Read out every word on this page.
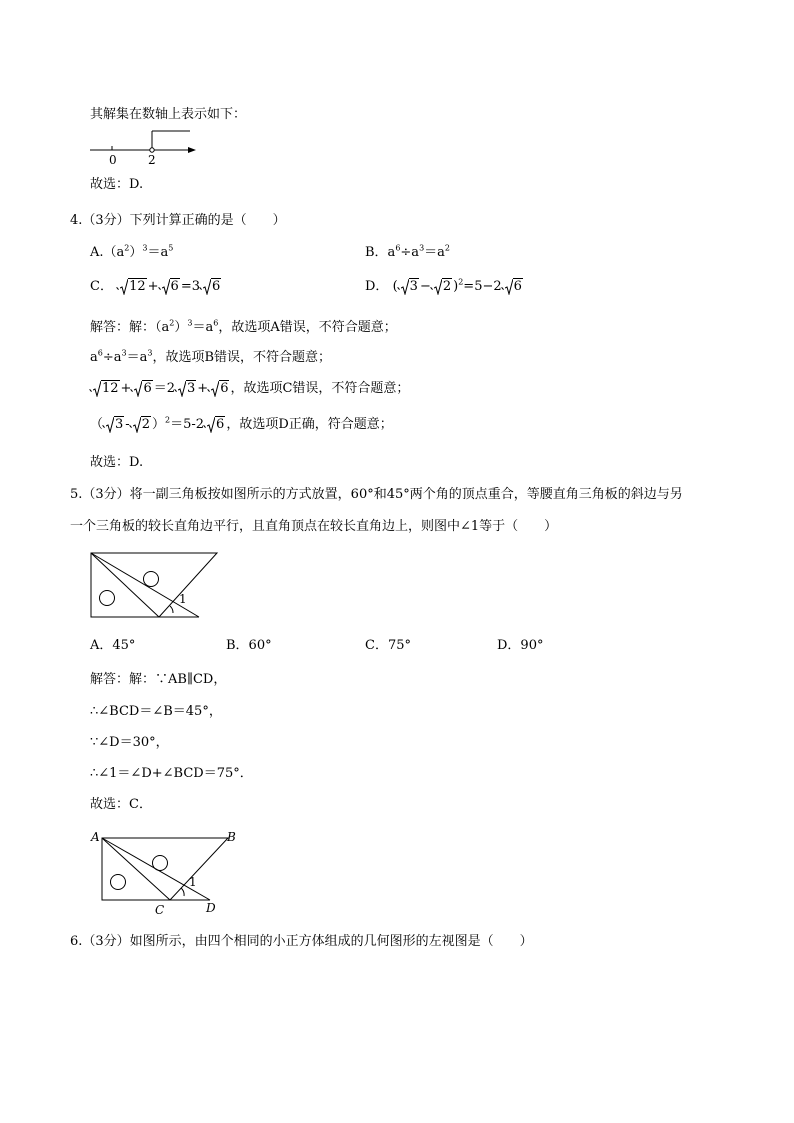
其解集在数轴上表示如下：
0	2
故选：D.
4.（3分）下列计算正确的是（　　）
$A.(a^2)^3=a^5$	B．$a^6\div a^3=a^2$
C． 12 + 6 =3 6	D． ( 3 − 2 )$^2$=5−2 6
解答：解：$(a^2)^3=a^6$，故选项A错误，不符合题意；
$a^6\div a^3=a^3$，故选项B错误，不符合题意；
12 + 6 ＝2 3 + 6 ，故选项C错误，不符合题意；
（ 3 - 2 ）$^2$＝5-2 6 ，故选项D正确，符合题意；
故选：D.
5.（3分）将一副三角板按如图所示的方式放置，60°和45°两个角的顶点重合，等腰直角三角板的斜边与另
一个三角板的较长直角边平行，且直角顶点在较长直角边上，则图中∠1等于（　　）
1
A．45°	B．60°	C．75°	D．90°
解答：解：∵AB∥CD，
∴∠BCD＝∠B＝45°，
∵∠D＝30°，
∴∠1＝∠D+∠BCD＝75°．
故选：C．
A	B
C	D
1
6.（3分）如图所示，由四个相同的小正方体组成的几何图形的左视图是（　　）
